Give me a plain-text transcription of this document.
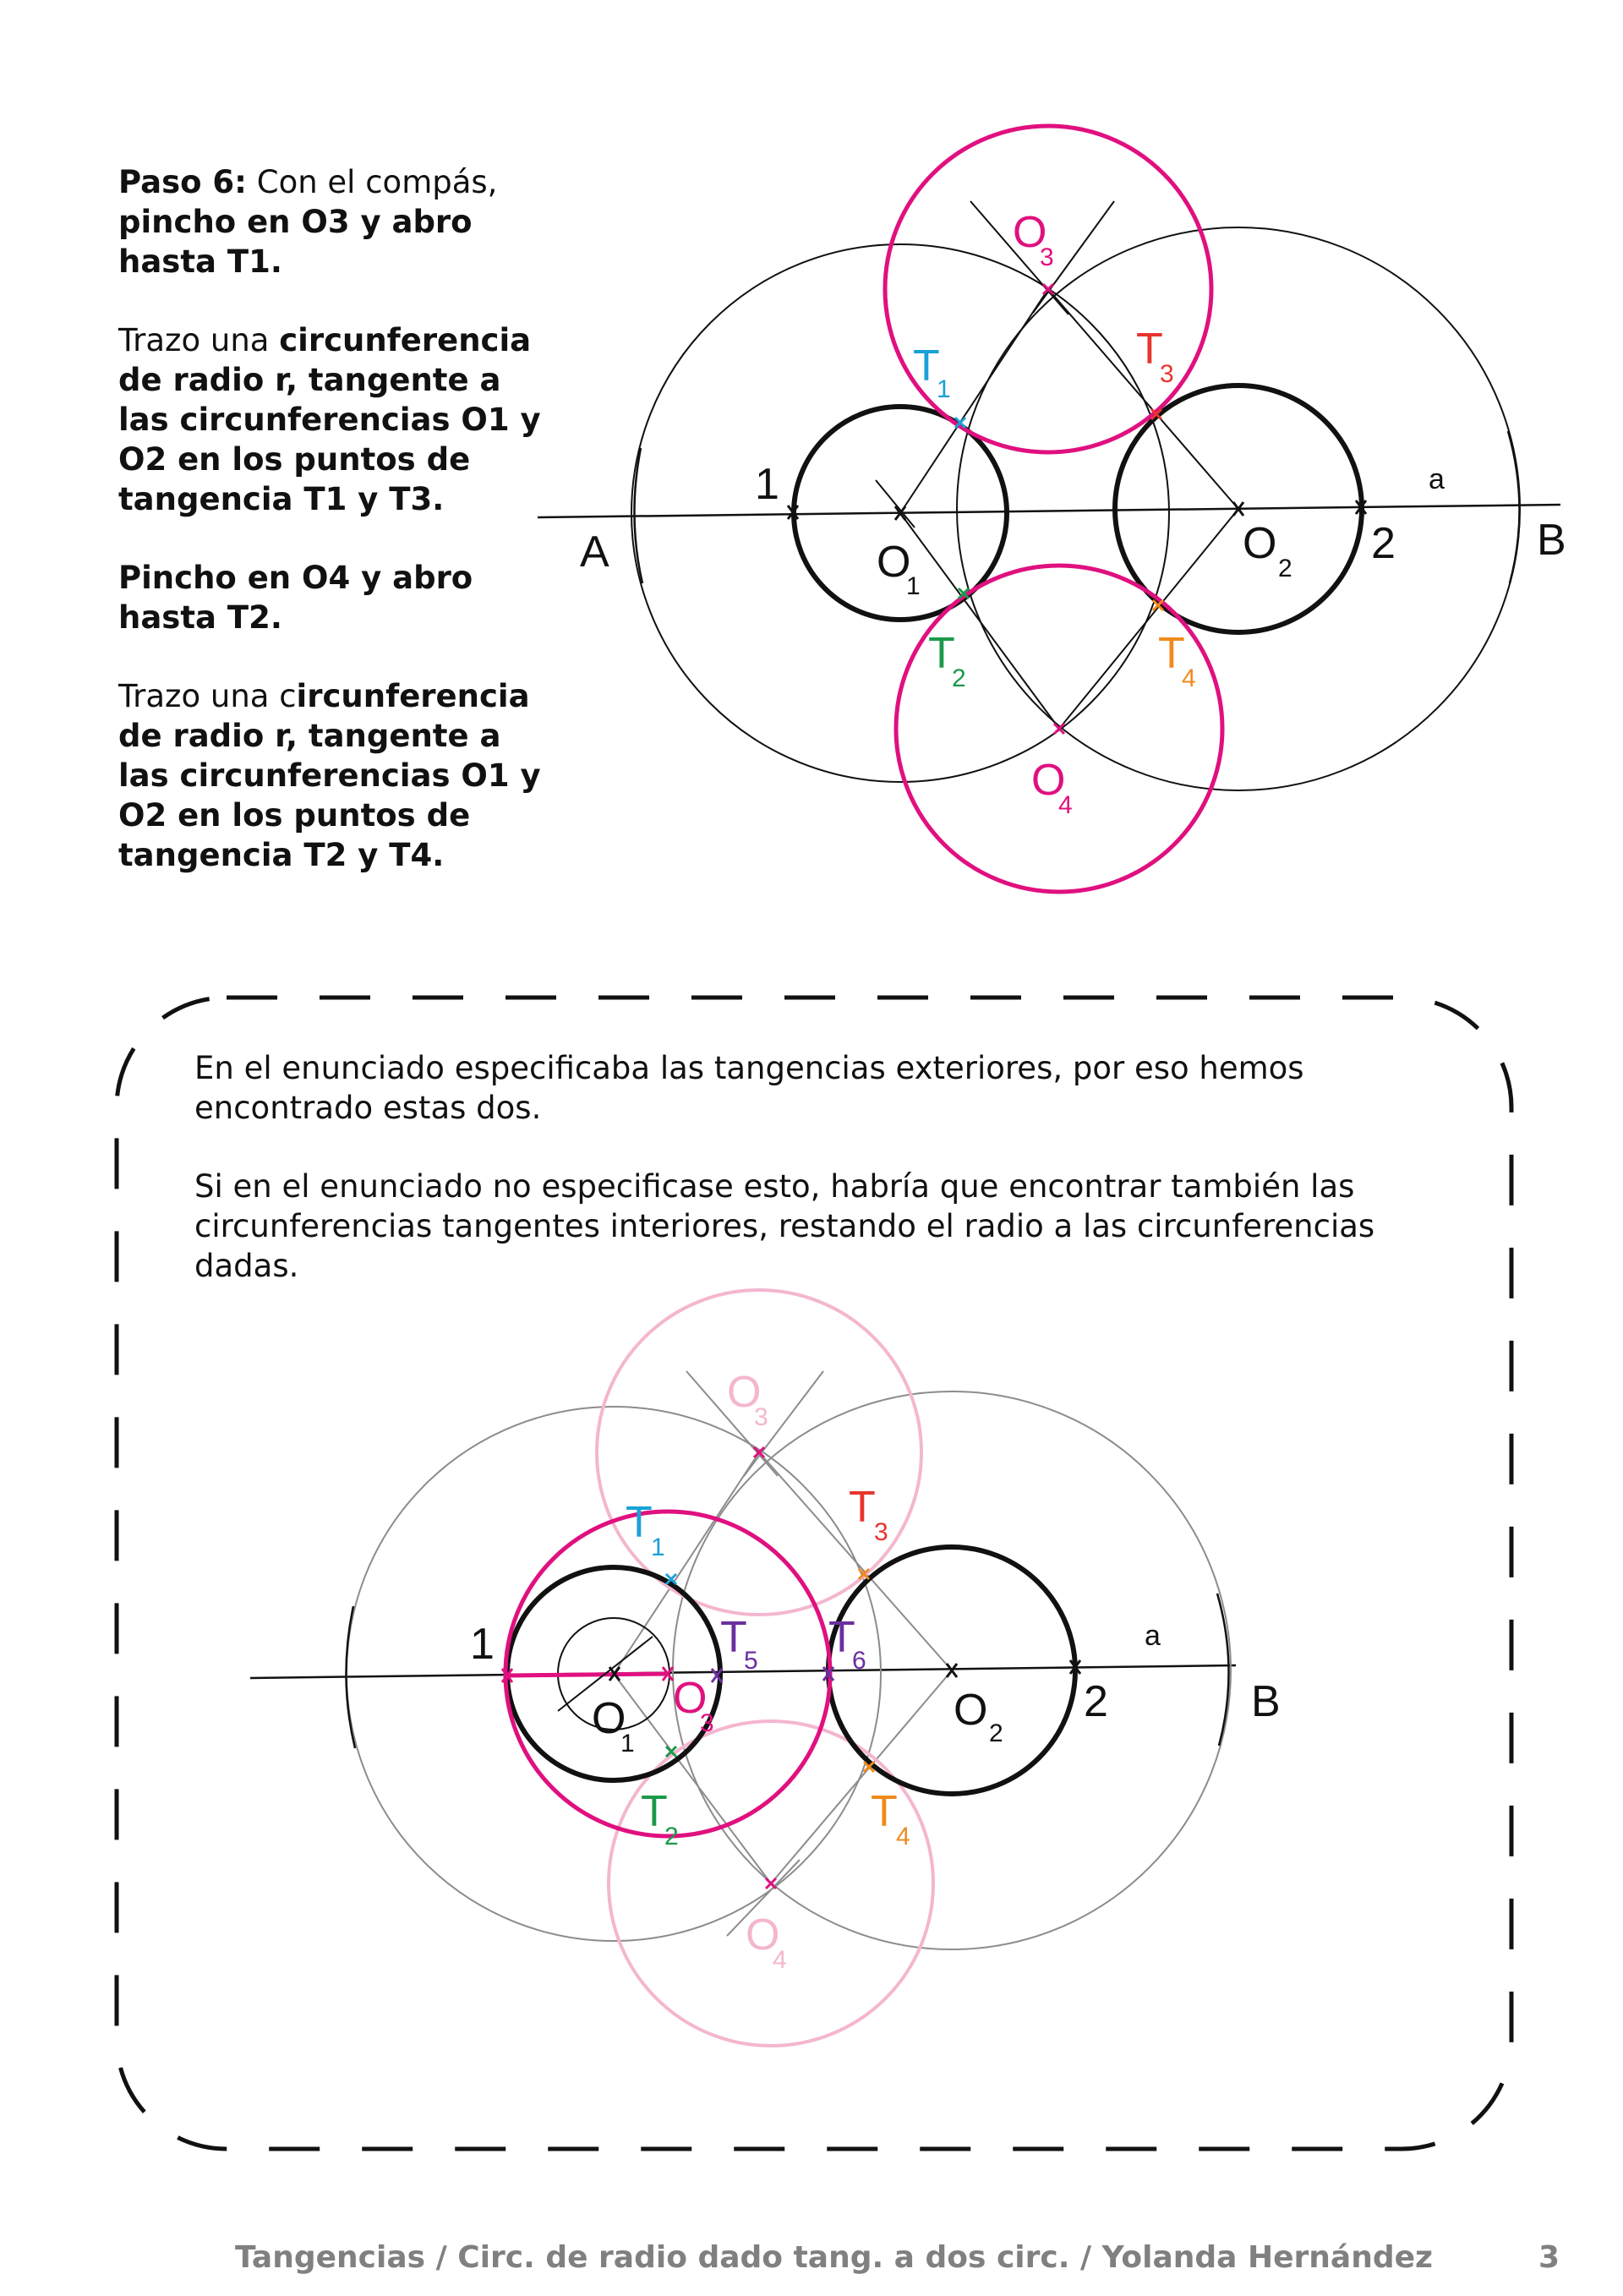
Paso 6: Con el compás, pincho en O3 y abro hasta T1.

Trazo una circunferencia de radio r, tangente a las circunferencias O1 y O2 en los puntos de tangencia T1 y T3.

Pincho en O4 y abro hasta T2.

Trazo una circunferencia de radio r, tangente a las circunferencias O1 y O2 en los puntos de tangencia T2 y T4.

A	B
1
2
a
O
1
O
2
O
3
O
4
T
1
T
3
T
2
T
4

En el enunciado especificaba las tangencias exteriores, por eso hemos encontrado estas dos.

Si en el enunciado no especificase esto, habría que encontrar también las circunferencias tangentes interiores, restando el radio a las circunferencias dadas.

B
1
2
a
O
1
O 2
O
3
O
3
O
4
T
1
T
3
T
2
T
4
T
5 T
6
Tangencias / Circ. de radio dado tang. a dos circ. / Yolanda Hernández	3
